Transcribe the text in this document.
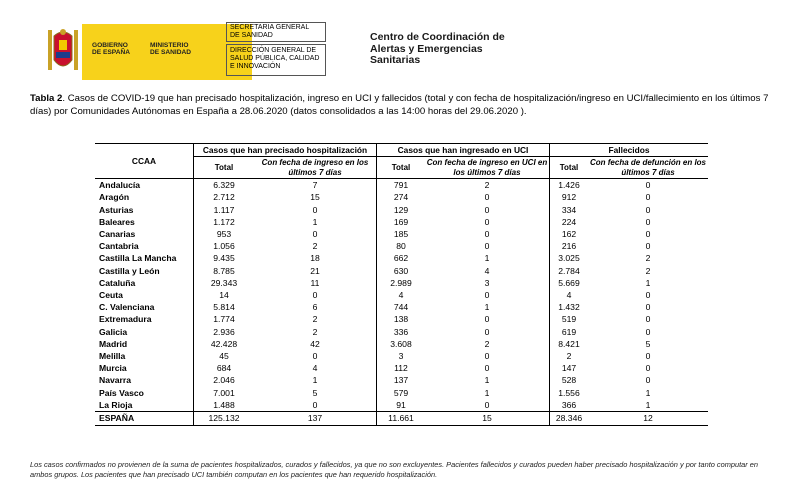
GOBIERNO
DE ESPAÑA
MINISTERIO
DE SANIDAD
SECRETARIA GENERAL
DE SANIDAD
DIRECCIÓN GENERAL DE
SALUD PÚBLICA, CALIDAD
E INNOVACIÓN
Centro de Coordinación de
Alertas y Emergencias
Sanitarias
Tabla 2. Casos de COVID-19 que han precisado hospitalización, ingreso en UCI y fallecidos (total y con fecha de hospitalización/ingreso en UCI/fallecimiento en los últimos 7 días) por Comunidades Autónomas en España a 28.06.2020 (datos consolidados a las 14:00 horas del 29.06.2020 ).
CCAA	Casos que han precisado hospitalización		Casos que han ingresado en UCI		Fallecidos	
	Total	Con fecha de ingreso en los últimos 7 días	Total	Con fecha de ingreso en UCI en los últimos 7 días	Total	Con fecha de defunción en los últimos 7 días
Andalucía	6.329	7	791	2	1.426	0
Aragón	2.712	15	274	0	912	0
Asturias	1.117	0	129	0	334	0
Baleares	1.172	1	169	0	224	0
Canarias	953	0	185	0	162	0
Cantabria	1.056	2	80	0	216	0
Castilla La Mancha	9.435	18	662	1	3.025	2
Castilla y León	8.785	21	630	4	2.784	2
Cataluña	29.343	11	2.989	3	5.669	1
Ceuta	14	0	4	0	4	0
C. Valenciana	5.814	6	744	1	1.432	0
Extremadura	1.774	2	138	0	519	0
Galicia	2.936	2	336	0	619	0
Madrid	42.428	42	3.608	2	8.421	5
Melilla	45	0	3	0	2	0
Murcia	684	4	112	0	147	0
Navarra	2.046	1	137	1	528	0
País Vasco	7.001	5	579	1	1.556	1
La Rioja	1.488	0	91	0	366	1
ESPAÑA	125.132	137	11.661	15	28.346	12
Los casos confirmados no provienen de la suma de pacientes hospitalizados, curados y fallecidos, ya que no son excluyentes. Pacientes fallecidos y curados pueden haber precisado hospitalización y por tanto computar en ambos grupos. Los pacientes que han precisado UCI también computan en los pacientes que han requerido hospitalización.
